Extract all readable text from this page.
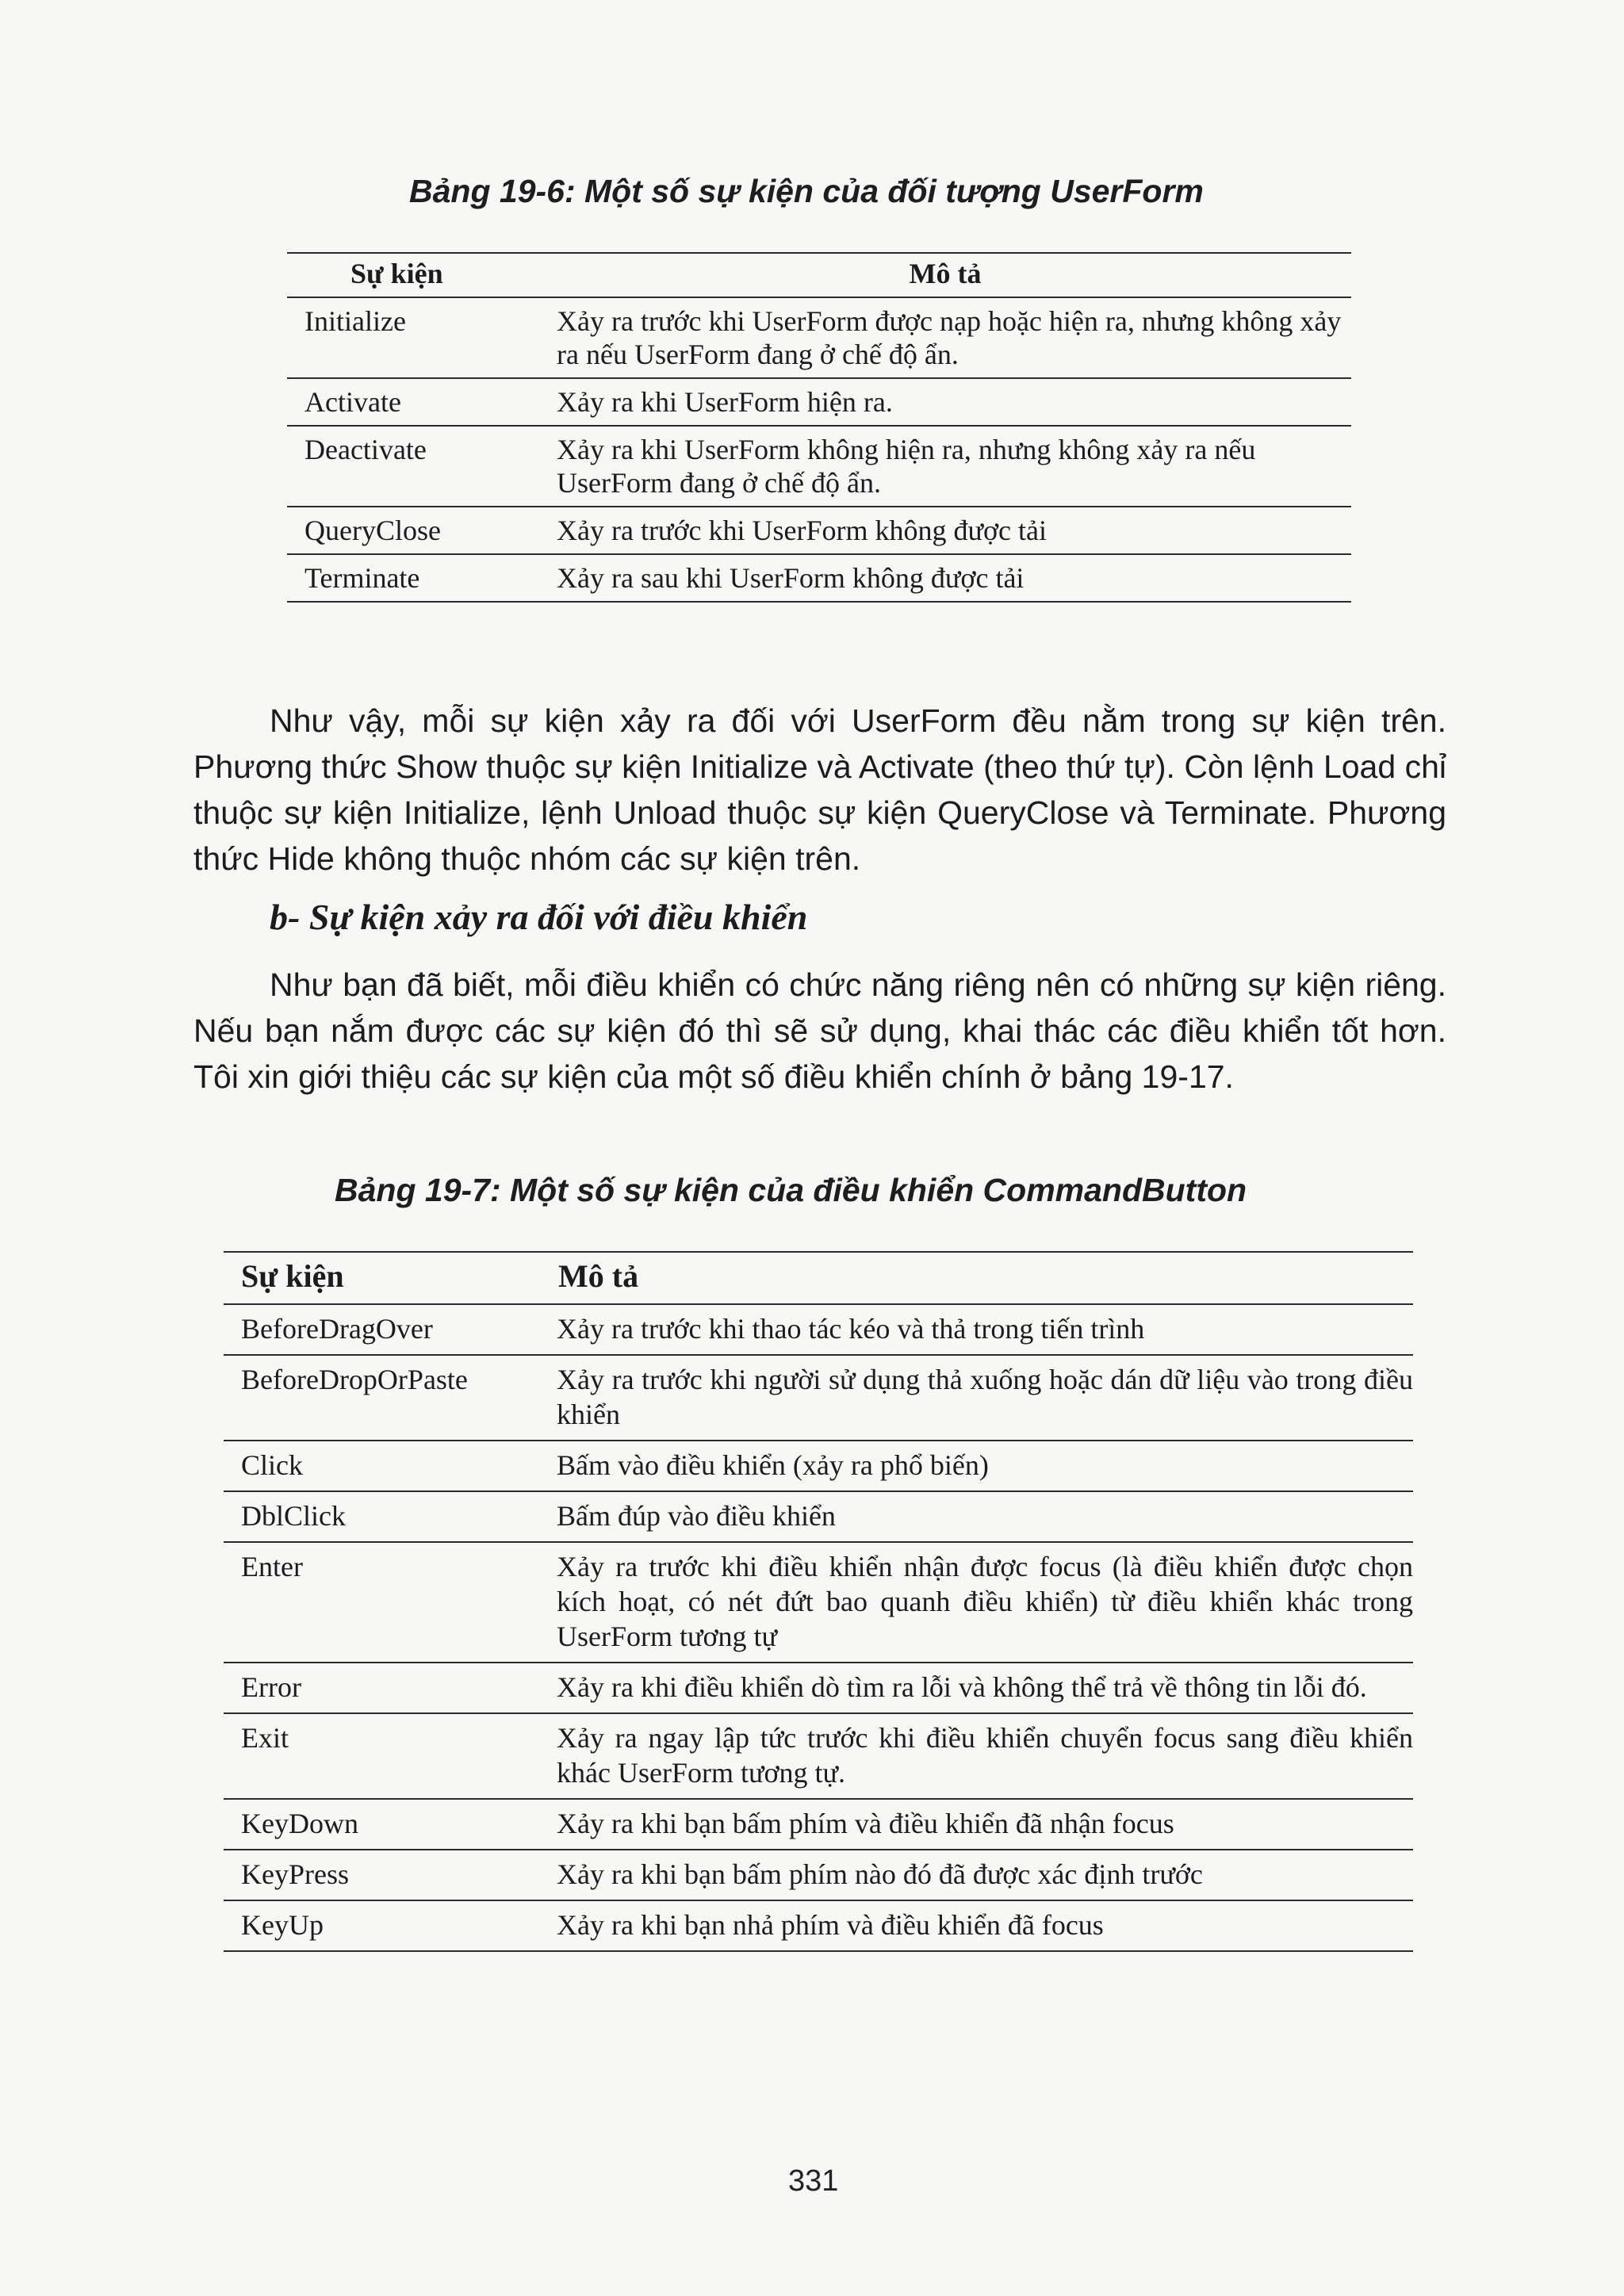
Bảng 19-6: Một số sự kiện của đối tượng UserForm

Sự kiện	Mô tả
Initialize	Xảy ra trước khi UserForm được nạp hoặc hiện ra, nhưng không xảy ra nếu UserForm đang ở chế độ ẩn.
Activate	Xảy ra khi UserForm hiện ra.
Deactivate	Xảy ra khi UserForm không hiện ra, nhưng không xảy ra nếu UserForm đang ở chế độ ẩn.
QueryClose	Xảy ra trước khi UserForm không được tải
Terminate	Xảy ra sau khi UserForm không được tải

Như vậy, mỗi sự kiện xảy ra đối với UserForm đều nằm trong sự kiện trên. Phương thức Show thuộc sự kiện Initialize và Activate (theo thứ tự). Còn lệnh Load chỉ thuộc sự kiện Initialize, lệnh Unload thuộc sự kiện QueryClose và Terminate. Phương thức Hide không thuộc nhóm các sự kiện trên.

b- Sự kiện xảy ra đối với điều khiển

Như bạn đã biết, mỗi điều khiển có chức năng riêng nên có những sự kiện riêng. Nếu bạn nắm được các sự kiện đó thì sẽ sử dụng, khai thác các điều khiển tốt hơn. Tôi xin giới thiệu các sự kiện của một số điều khiển chính ở bảng 19-17.

Bảng 19-7: Một số sự kiện của điều khiển CommandButton

Sự kiện	Mô tả
BeforeDragOver	Xảy ra trước khi thao tác kéo và thả trong tiến trình
BeforeDropOrPaste	Xảy ra trước khi người sử dụng thả xuống hoặc dán dữ liệu vào trong điều khiển
Click	Bấm vào điều khiển (xảy ra phổ biến)
DblClick	Bấm đúp vào điều khiển
Enter	Xảy ra trước khi điều khiển nhận được focus (là điều khiển được chọn kích hoạt, có nét đứt bao quanh điều khiển) từ điều khiển khác trong UserForm tương tự
Error	Xảy ra khi điều khiển dò tìm ra lỗi và không thể trả về thông tin lỗi đó.
Exit	Xảy ra ngay lập tức trước khi điều khiển chuyển focus sang điều khiển khác UserForm tương tự.
KeyDown	Xảy ra khi bạn bấm phím và điều khiển đã nhận focus
KeyPress	Xảy ra khi bạn bấm phím nào đó đã được xác định trước
KeyUp	Xảy ra khi bạn nhả phím và điều khiển đã focus

331
